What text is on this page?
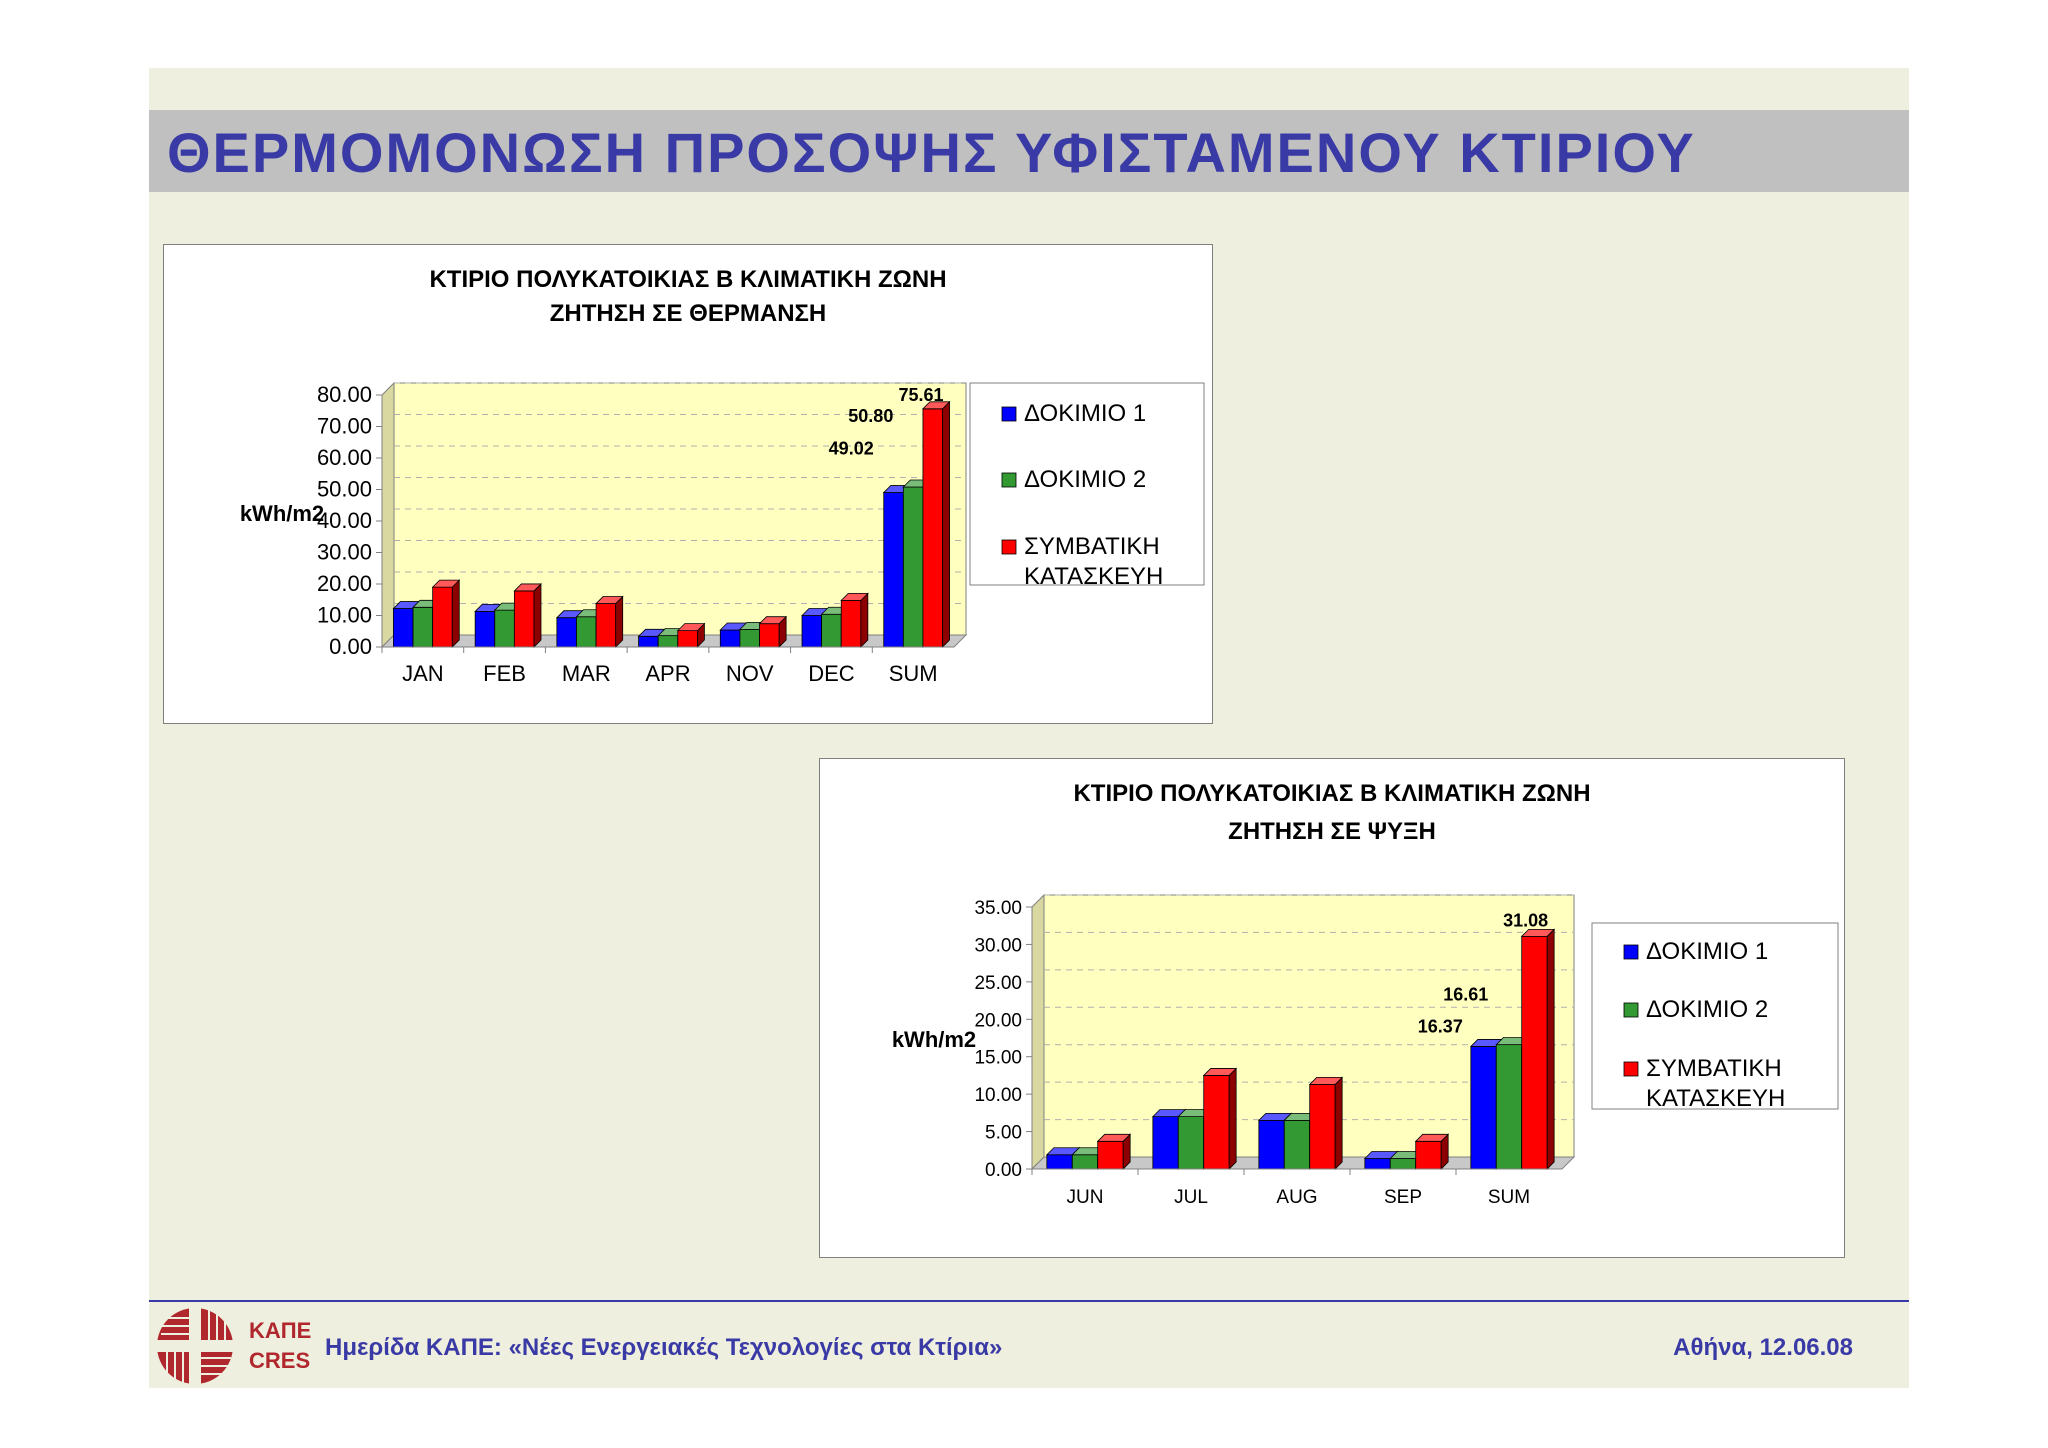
ΘΕΡΜΟΜΟΝΩΣΗ ΠΡΟΣΟΨΗΣ ΥΦΙΣΤΑΜΕΝΟΥ ΚΤΙΡΙΟΥ
ΚΤΙΡΙΟ ΠΟΛΥΚΑΤΟΙΚΙΑΣ Β ΚΛΙΜΑΤΙΚΗ ΖΩΝΗ
ΖΗΤΗΣΗ ΣΕ ΘΕΡΜΑΝΣΗ
0.00
10.00
20.00
30.00
40.00
50.00
60.00
70.00
80.00
kWh/m2
JAN FEB MAR APR NOV DEC SUM
49.02
50.80
75.61
ΔΟΚΙΜΙΟ 1
ΔΟΚΙΜΙΟ 2
ΣΥΜΒΑΤΙΚΗ
ΚΑΤΑΣΚΕΥΗ
ΚΤΙΡΙΟ ΠΟΛΥΚΑΤΟΙΚΙΑΣ Β ΚΛΙΜΑΤΙΚΗ ΖΩΝΗ
ΖΗΤΗΣΗ ΣΕ ΨΥΞΗ
0.00
5.00
10.00
15.00
20.00
25.00
30.00
35.00
kWh/m2
JUN	JUL	AUG	SEP	SUM
16.37
16.61
31.08
ΔΟΚΙΜΙΟ 1
ΔΟΚΙΜΙΟ 2
ΣΥΜΒΑΤΙΚΗ
ΚΑΤΑΣΚΕΥΗ
ΚΑΠΕ
CRES Ημερίδα ΚΑΠΕ: «Νέες Ενεργειακές Τεχνολογίες στα Κτίρια»	Αθήνα, 12.06.08
